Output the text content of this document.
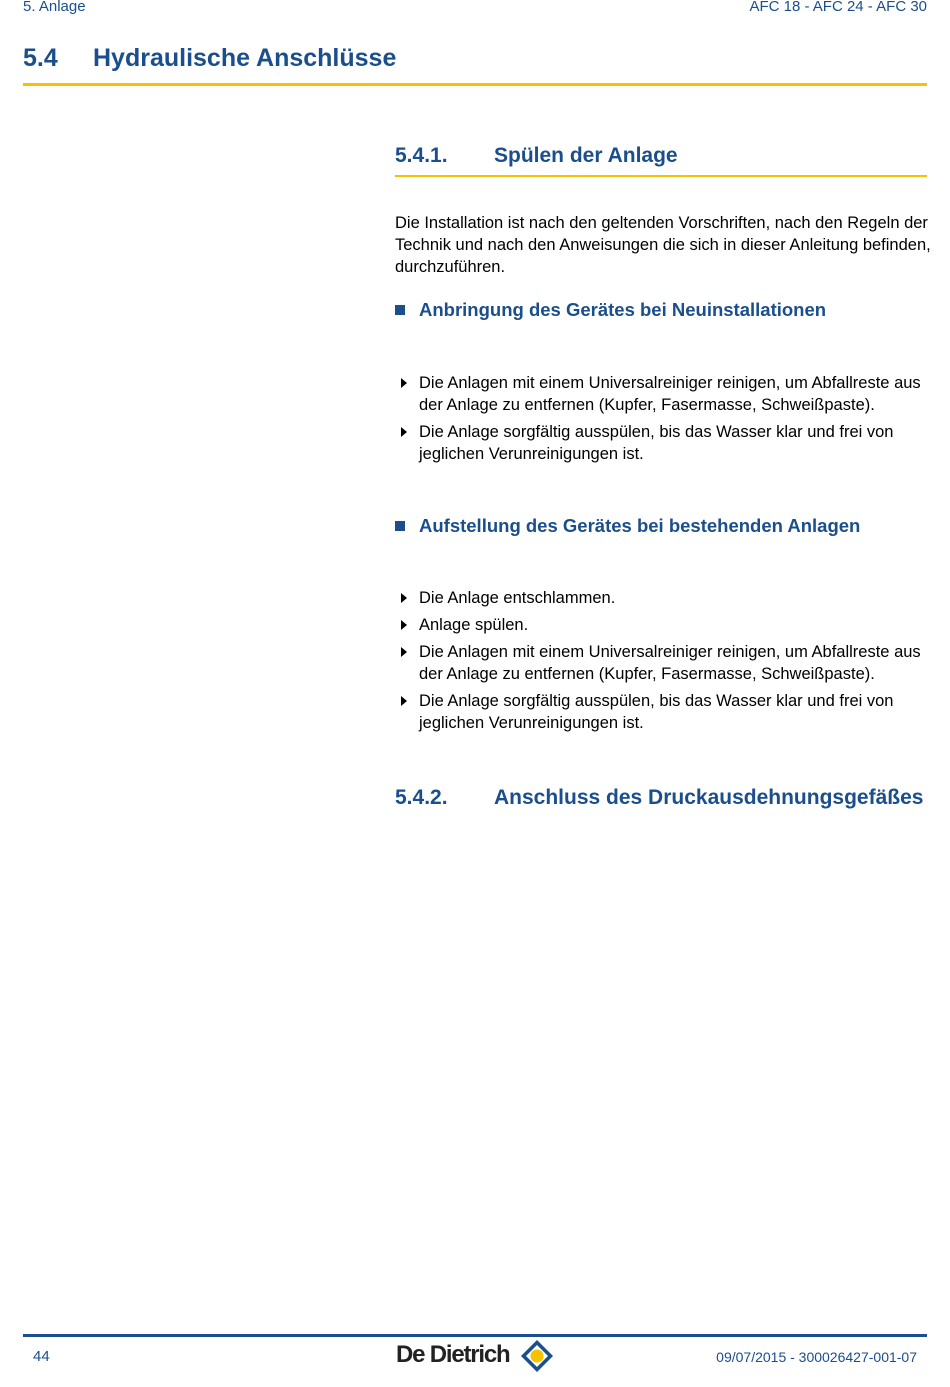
5. Anlage	AFC 18 - AFC 24 - AFC 30
5.4 Hydraulische Anschlüsse
5.4.1. Spülen der Anlage
Die Installation ist nach den geltenden Vorschriften, nach den Regeln der Technik und nach den Anweisungen die sich in dieser Anleitung befinden, durchzuführen.
Anbringung des Gerätes bei Neuinstallationen
Die Anlagen mit einem Universalreiniger reinigen, um Abfallreste aus der Anlage zu entfernen (Kupfer, Fasermasse, Schweißpaste).
Die Anlage sorgfältig ausspülen, bis das Wasser klar und frei von jeglichen Verunreinigungen ist.
Aufstellung des Gerätes bei bestehenden Anlagen
Die Anlage entschlammen.
Anlage spülen.
Die Anlagen mit einem Universalreiniger reinigen, um Abfallreste aus der Anlage zu entfernen (Kupfer, Fasermasse, Schweißpaste).
Die Anlage sorgfältig ausspülen, bis das Wasser klar und frei von jeglichen Verunreinigungen ist.
5.4.2. Anschluss des Druckausdehnungsgefäßes
44	De Dietrich	09/07/2015 - 300026427-001-07
